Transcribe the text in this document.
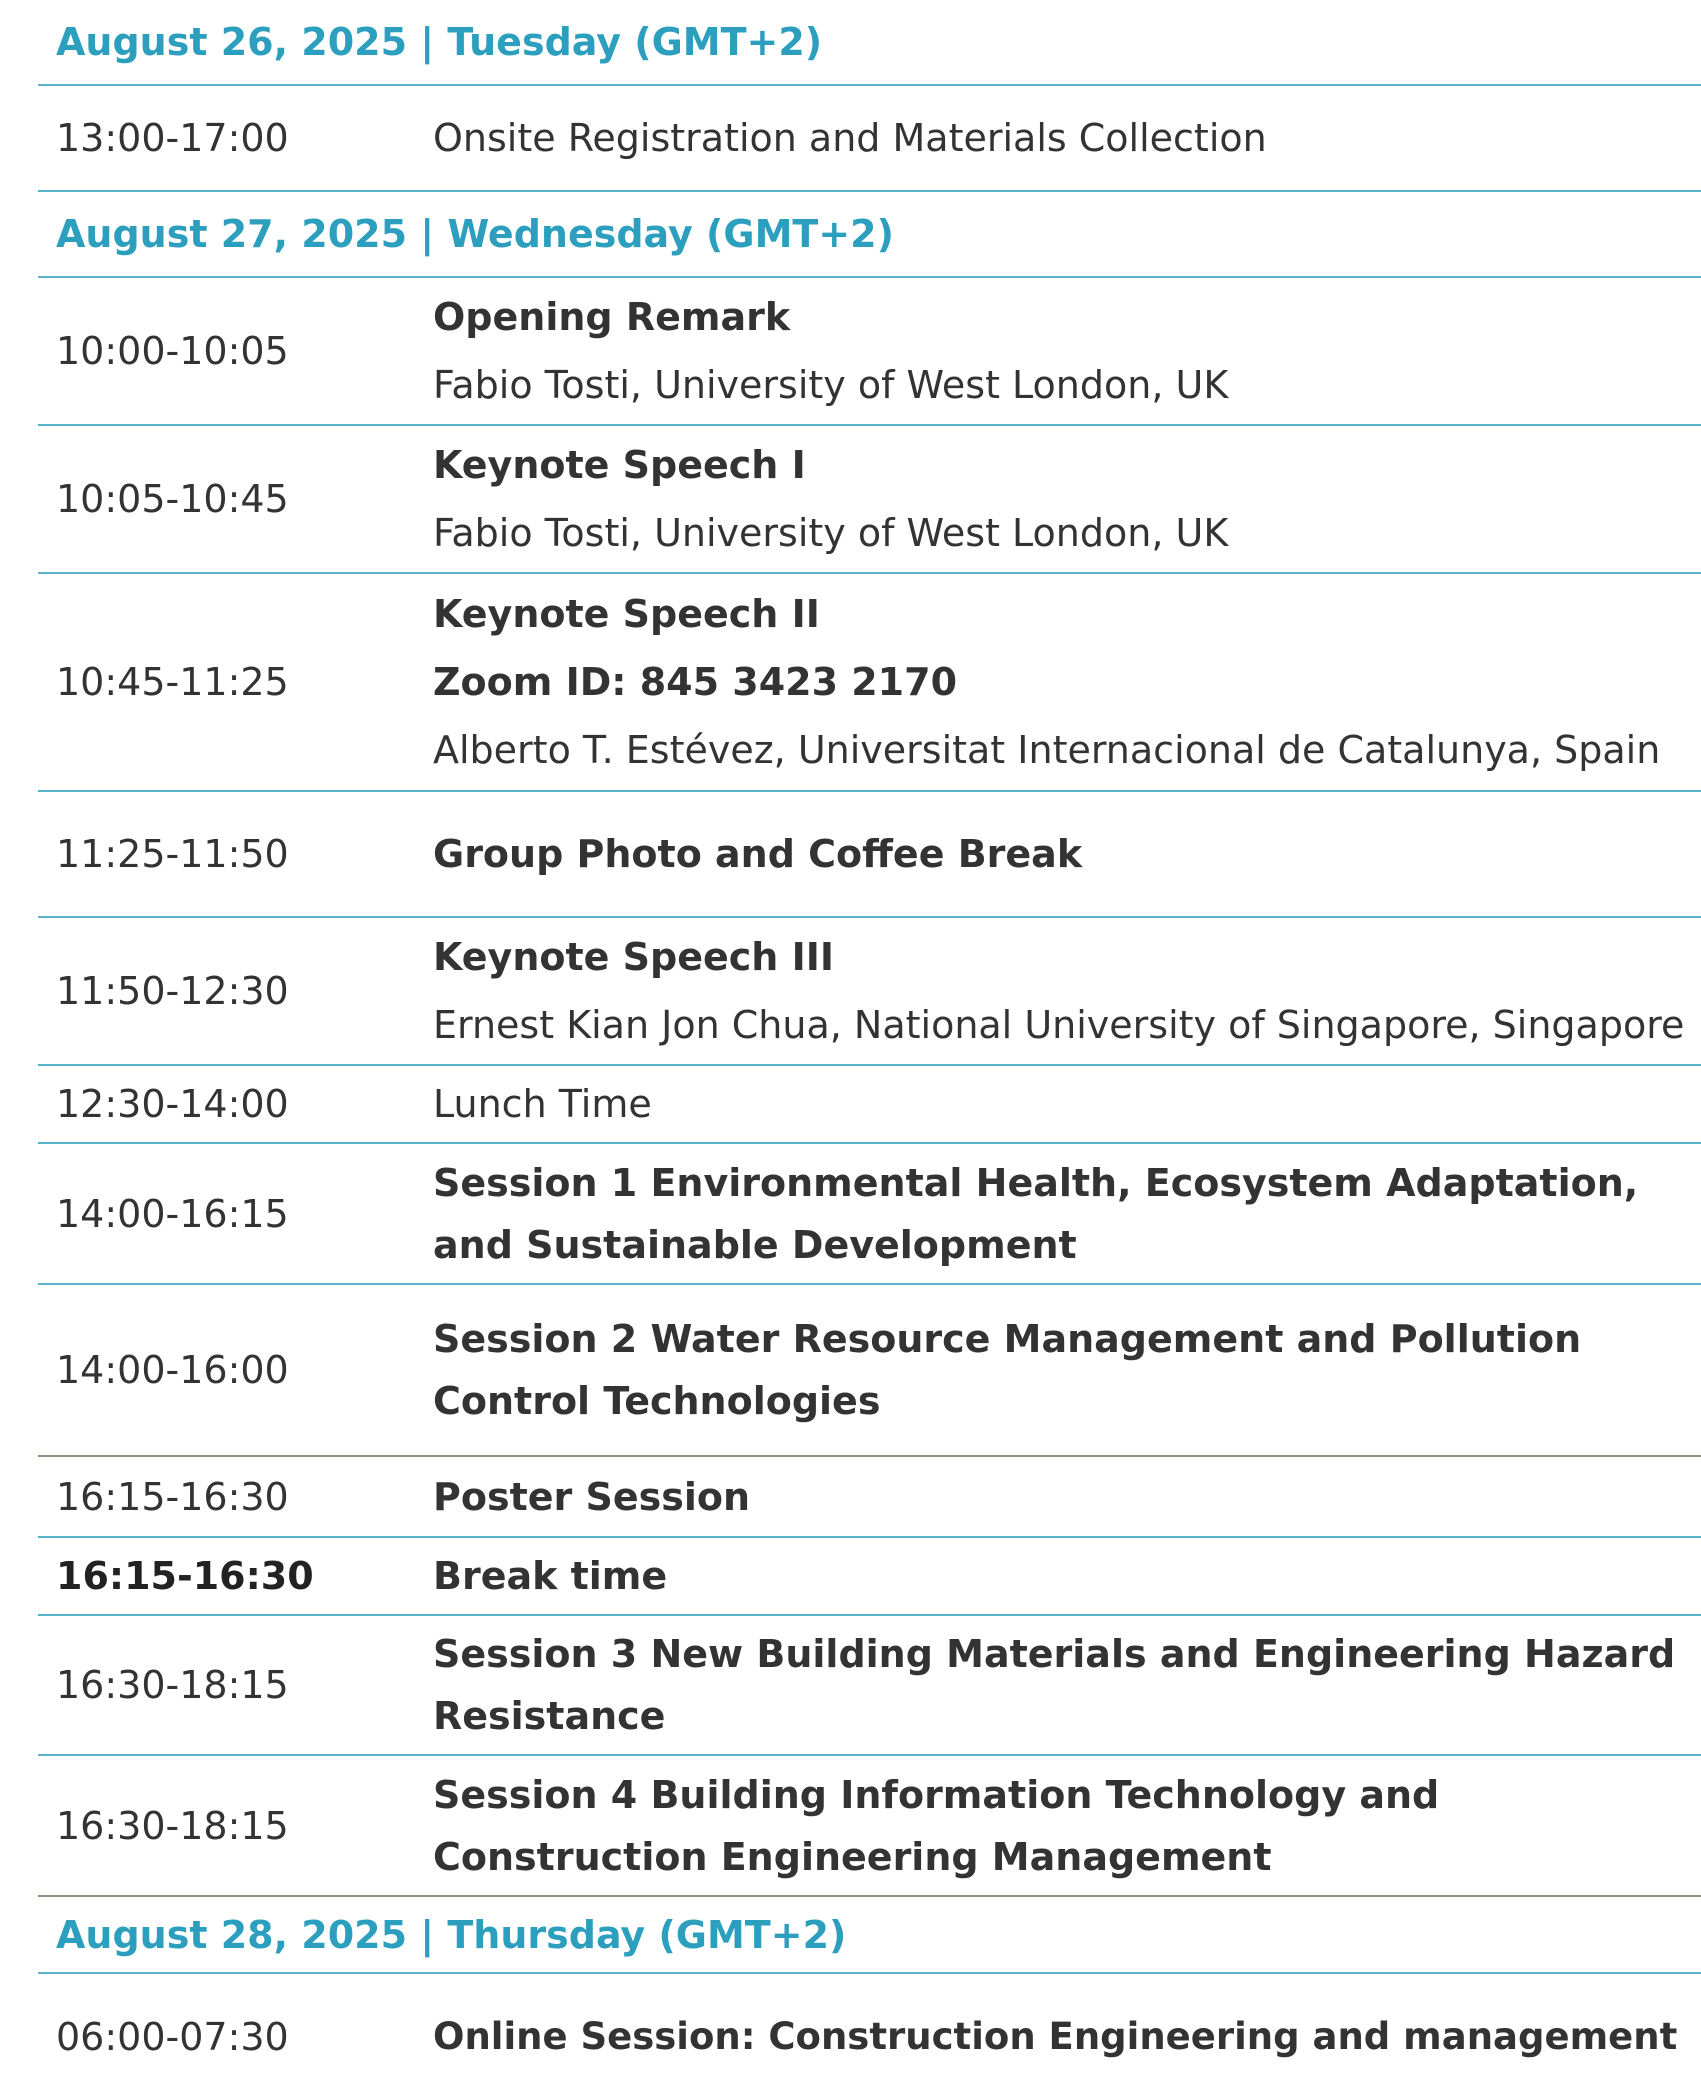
August 26, 2025 | Tuesday (GMT+2)
13:00-17:00	Onsite Registration and Materials Collection
August 27, 2025 | Wednesday (GMT+2)
10:00-10:05
Opening Remark
Fabio Tosti, University of West London, UK
10:05-10:45
Keynote Speech I
Fabio Tosti, University of West London, UK
10:45-11:25
Keynote Speech II
Zoom ID: 845 3423 2170
Alberto T. Estévez, Universitat Internacional de Catalunya, Spain
11:25-11:50	Group Photo and Coffee Break
11:50-12:30
Keynote Speech III
Ernest Kian Jon Chua, National University of Singapore, Singapore
12:30-14:00	Lunch Time
14:00-16:15
Session 1 Environmental Health, Ecosystem Adaptation, and Sustainable Development
14:00-16:00
Session 2 Water Resource Management and Pollution Control Technologies
16:15-16:30	Poster Session
16:15-16:30	Break time
16:30-18:15
Session 3 New Building Materials and Engineering Hazard Resistance
16:30-18:15
Session 4 Building Information Technology and Construction Engineering Management
August 28, 2025 | Thursday (GMT+2)
06:00-07:30	Online Session: Construction Engineering and management
